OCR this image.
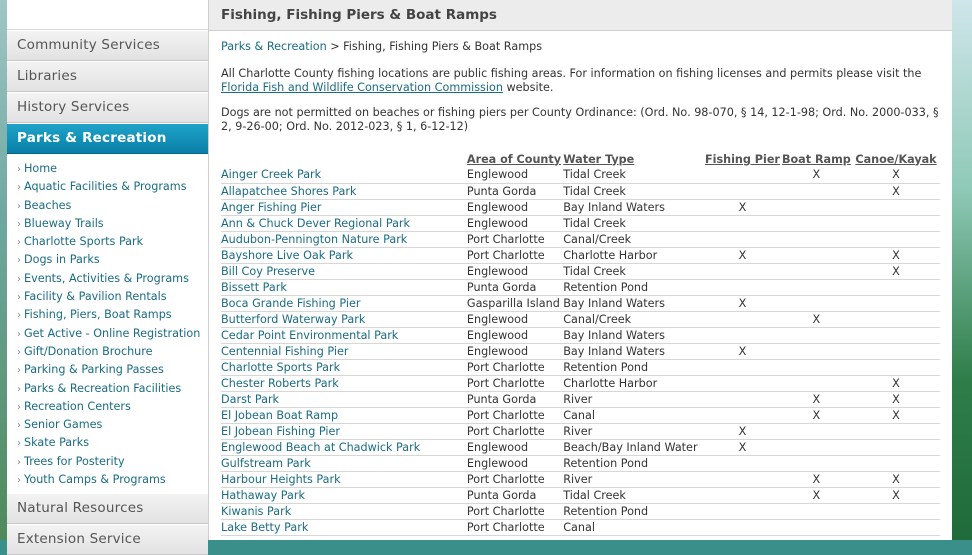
Community Services
Libraries
History Services
Parks & Recreation
› Home
› Aquatic Facilities & Programs
› Beaches
› Blueway Trails
› Charlotte Sports Park
› Dogs in Parks
› Events, Activities & Programs
› Facility & Pavilion Rentals
› Fishing, Piers, Boat Ramps
› Get Active - Online Registration
› Gift/Donation Brochure
› Parking & Parking Passes
› Parks & Recreation Facilities
› Recreation Centers
› Senior Games
› Skate Parks
› Trees for Posterity
› Youth Camps & Programs
Natural Resources
Extension Service
Fishing, Fishing Piers & Boat Ramps
Parks & Recreation > Fishing, Fishing Piers & Boat Ramps

All Charlotte County fishing locations are public fishing areas. For information on fishing licenses and permits please visit the Florida Fish and Wildlife Conservation Commission website.

Dogs are not permitted on beaches or fishing piers per County Ordinance: (Ord. No. 98-070, § 14, 12-1-98; Ord. No. 2000-033, § 2, 9-26-00; Ord. No. 2012-023, § 1, 6-12-12)

	Area of County	Water Type	Fishing Pier	Boat Ramp	Canoe/Kayak
Ainger Creek Park	Englewood	Tidal Creek		X	X
Allapatchee Shores Park	Punta Gorda	Tidal Creek			X
Anger Fishing Pier	Englewood	Bay Inland Waters	X		
Ann & Chuck Dever Regional Park	Englewood	Tidal Creek			
Audubon-Pennington Nature Park	Port Charlotte	Canal/Creek			
Bayshore Live Oak Park	Port Charlotte	Charlotte Harbor	X		X
Bill Coy Preserve	Englewood	Tidal Creek			X
Bissett Park	Punta Gorda	Retention Pond			
Boca Grande Fishing Pier	Gasparilla Island	Bay Inland Waters	X		
Butterford Waterway Park	Englewood	Canal/Creek		X	
Cedar Point Environmental Park	Englewood	Bay Inland Waters			
Centennial Fishing Pier	Englewood	Bay Inland Waters	X		
Charlotte Sports Park	Port Charlotte	Retention Pond			
Chester Roberts Park	Port Charlotte	Charlotte Harbor			X
Darst Park	Punta Gorda	River		X	X
El Jobean Boat Ramp	Port Charlotte	Canal		X	X
El Jobean Fishing Pier	Port Charlotte	River	X		
Englewood Beach at Chadwick Park	Englewood	Beach/Bay Inland Water	X		
Gulfstream Park	Englewood	Retention Pond			
Harbour Heights Park	Port Charlotte	River		X	X
Hathaway Park	Punta Gorda	Tidal Creek		X	X
Kiwanis Park	Port Charlotte	Retention Pond			
Lake Betty Park	Port Charlotte	Canal			
